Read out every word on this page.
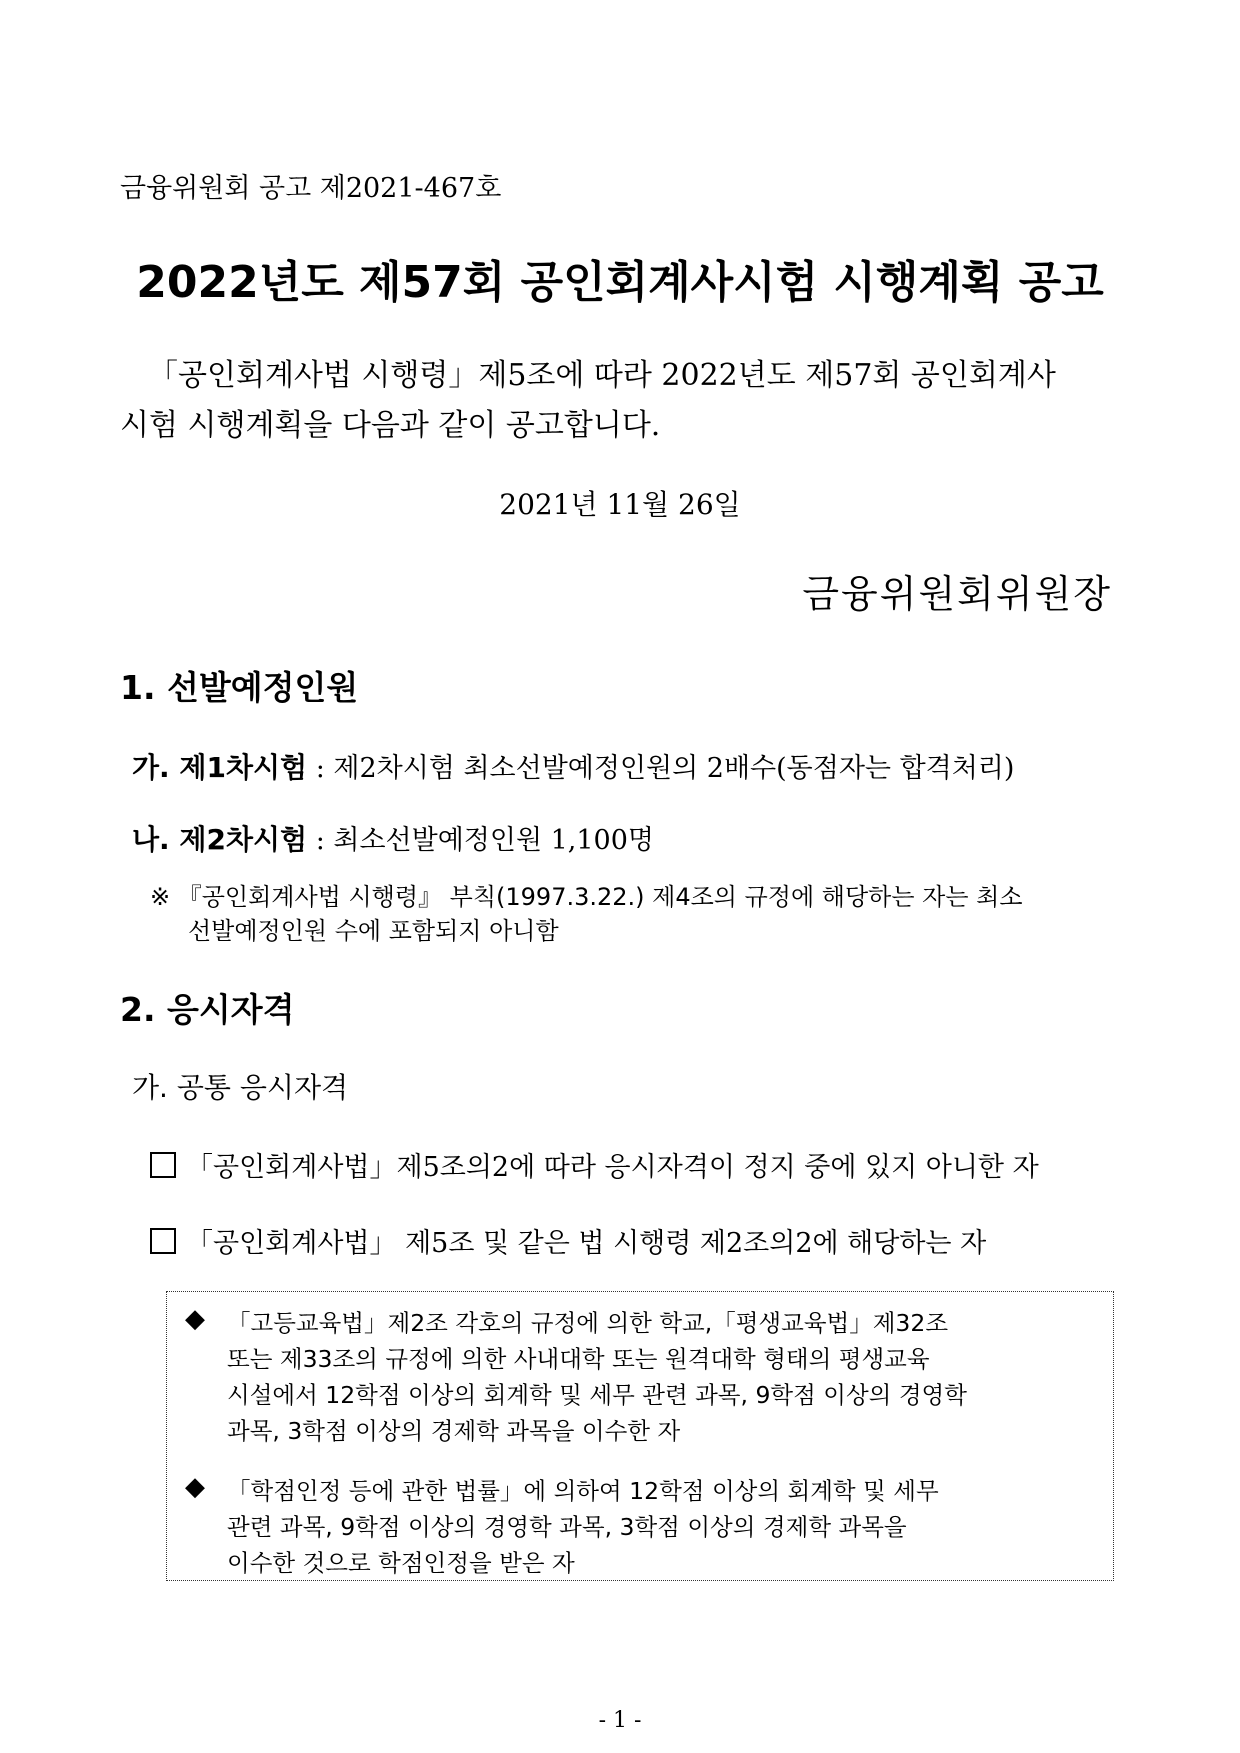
금융위원회 공고 제2021-467호
2022년도 제57회 공인회계사시험 시행계획 공고
「공인회계사법 시행령」제5조에 따라 2022년도 제57회 공인회계사
시험 시행계획을 다음과 같이 공고합니다.
2021년 11월 26일
금융위원회위원장
1. 선발예정인원
가. 제1차시험 : 제2차시험 최소선발예정인원의 2배수(동점자는 합격처리)
나. 제2차시험 : 최소선발예정인원 1,100명
※ 『공인회계사법 시행령』 부칙(1997.3.22.) 제4조의 규정에 해당하는 자는 최소
선발예정인원 수에 포함되지 아니함
2. 응시자격
가. 공통 응시자격
「공인회계사법」제5조의2에 따라 응시자격이 정지 중에 있지 아니한 자
「공인회계사법」 제5조 및 같은 법 시행령 제2조의2에 해당하는 자
◆ 「고등교육법」제2조 각호의 규정에 의한 학교,「평생교육법」제32조
또는 제33조의 규정에 의한 사내대학 또는 원격대학 형태의 평생교육
시설에서 12학점 이상의 회계학 및 세무 관련 과목, 9학점 이상의 경영학
과목, 3학점 이상의 경제학 과목을 이수한 자
◆ 「학점인정 등에 관한 법률」에 의하여 12학점 이상의 회계학 및 세무
관련 과목, 9학점 이상의 경영학 과목, 3학점 이상의 경제학 과목을
이수한 것으로 학점인정을 받은 자
- 1 -
